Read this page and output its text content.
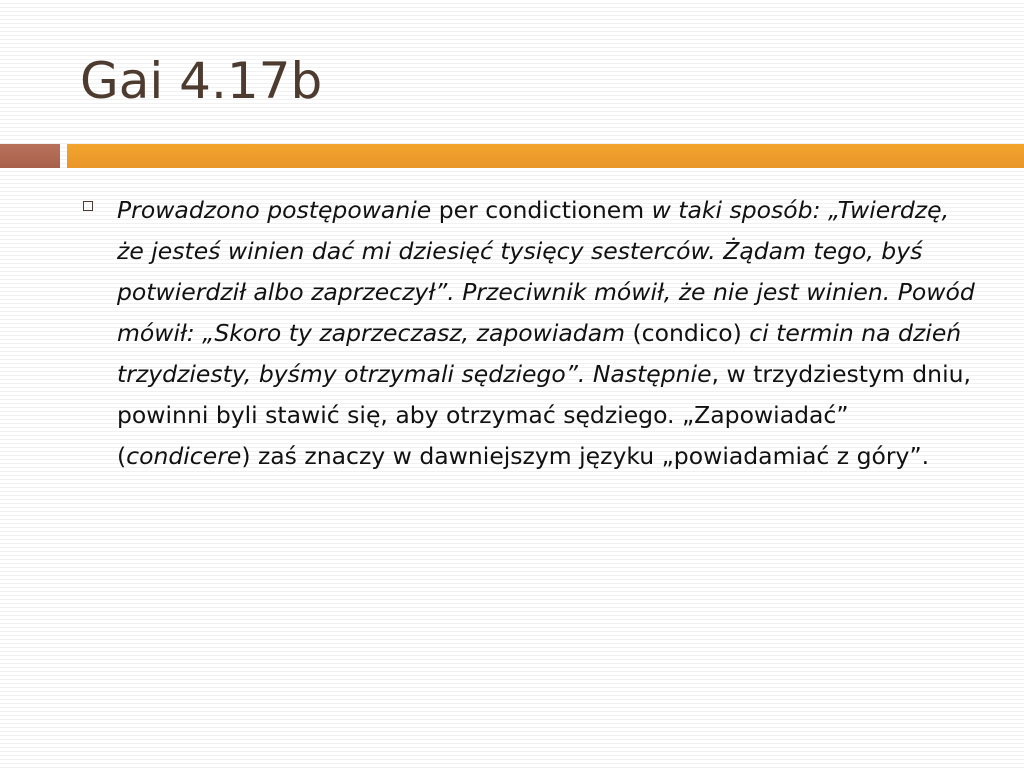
Gai 4.17b
Prowadzono postępowanie per condictionem w taki sposób: „Twierdzę, że jesteś winien dać mi dziesięć tysięcy sesterców. Żądam tego, byś potwierdził albo zaprzeczył”. Przeciwnik mówił, że nie jest winien. Powód mówił: „Skoro ty zaprzeczasz, zapowiadam (condico) ci termin na dzień trzydziesty, byśmy otrzymali sędziego”. Następnie, w trzydziestym dniu, powinni byli stawić się, aby otrzymać sędziego. „Zapowiadać” (condicere) zaś znaczy w dawniejszym języku „powiadamiać z góry”.
